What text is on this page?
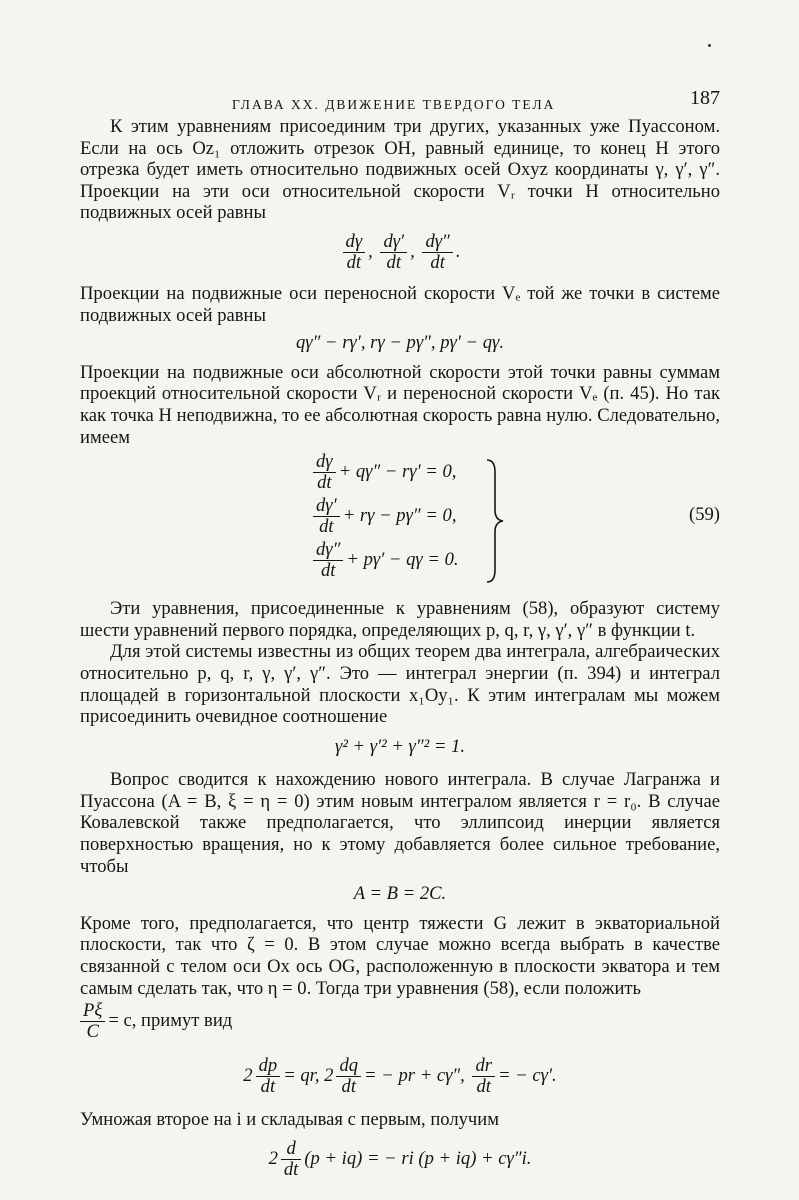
ГЛАВА XX. ДВИЖЕНИЕ ТВЕРДОГО ТЕЛА	187

К этим уравнениям присоединим три других, указанных уже Пуассоном. Если на ось Oz₁ отложить отрезок OH, равный единице, то конец H этого отрезка будет иметь относительно подвижных осей Oxyz координаты γ, γ′, γ″. Проекции на эти оси относительной скорости Vᵣ точки H относительно подвижных осей равны

$\frac{d\gamma}{dt}$ , $\frac{d\gamma'}{dt}$ , $\frac{d\gamma''}{dt}$ .

Проекции на подвижные оси переносной скорости Vₑ той же точки в системе подвижных осей равны

qγ″ − rγ′, rγ − pγ″, pγ′ − qγ.

Проекции на подвижные оси абсолютной скорости этой точки равны суммам проекций относительной скорости Vᵣ и переносной скорости Vₑ (п. 45). Но так как точка H неподвижна, то ее абсолютная скорость равна нулю. Следовательно, имеем

$\frac{d\gamma}{dt} + q\gamma'' - r\gamma' = 0$,
$\frac{d\gamma'}{dt} + r\gamma - p\gamma'' = 0$,
$\frac{d\gamma''}{dt} + p\gamma' - q\gamma = 0$.
(59)

Эти уравнения, присоединенные к уравнениям (58), образуют систему шести уравнений первого порядка, определяющих p, q, r, γ, γ′, γ″ в функции t.

Для этой системы известны из общих теорем два интеграла, алгебраических относительно p, q, r, γ, γ′, γ″. Это — интеграл энергии (п. 394) и интеграл площадей в горизонтальной плоскости x₁Oy₁. К этим интегралам мы можем присоединить очевидное соотношение

γ² + γ′² + γ″² = 1.

Вопрос сводится к нахождению нового интеграла. В случае Лагранжа и Пуассона (A = B, ξ = η = 0) этим новым интегралом является r = r₀. В случае Ковалевской также предполагается, что эллипсоид инерции является поверхностью вращения, но к этому добавляется более сильное требование, чтобы

A = B = 2C.

Кроме того, предполагается, что центр тяжести G лежит в экваториальной плоскости, так что ζ = 0. В этом случае можно всегда выбрать в качестве связанной с телом оси Ox ось OG, расположенную в плоскости экватора и тем самым сделать так, что η = 0. Тогда три уравнения (58), если положить

$\frac{P\xi}{C} = c$, примут вид
$2 \frac{dp}{dt}$ = qr, $2 \frac{dq}{dt}$ = − pr + cγ″, $\frac{dr}{dt}$ = − cγ′.

Умножая второе на i и складывая с первым, получим

$2 \frac{d}{dt} (p + iq)$ = − ri (p + iq) + cγ″i.
